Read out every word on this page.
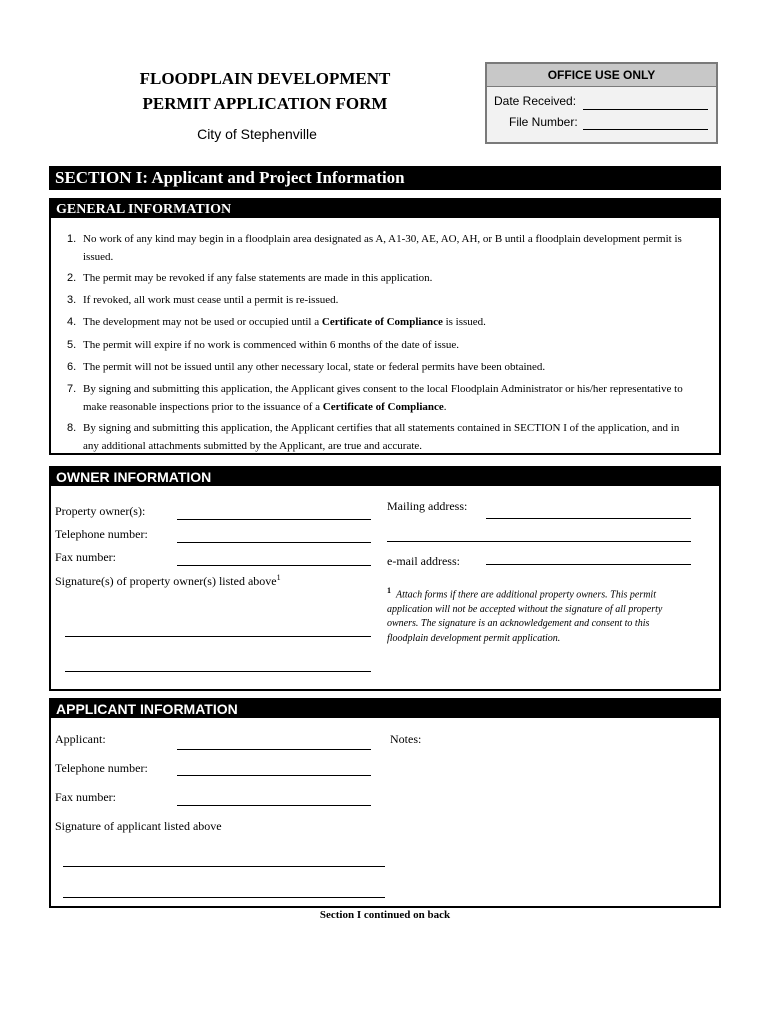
FLOODPLAIN DEVELOPMENT
PERMIT APPLICATION FORM
City of Stephenville
OFFICE USE ONLY
Date Received:
File Number:
SECTION I: Applicant and Project Information
GENERAL INFORMATION
1. No work of any kind may begin in a floodplain area designated as A, A1-30, AE, AO, AH, or B until a floodplain development permit is issued.
2. The permit may be revoked if any false statements are made in this application.
3. If revoked, all work must cease until a permit is re-issued.
4. The development may not be used or occupied until a Certificate of Compliance is issued.
5. The permit will expire if no work is commenced within 6 months of the date of issue.
6. The permit will not be issued until any other necessary local, state or federal permits have been obtained.
7. By signing and submitting this application, the Applicant gives consent to the local Floodplain Administrator or his/her representative to make reasonable inspections prior to the issuance of a Certificate of Compliance.
8. By signing and submitting this application, the Applicant certifies that all statements contained in SECTION I of the application, and in any additional attachments submitted by the Applicant, are true and accurate.
OWNER INFORMATION
Property owner(s):
Telephone number:
Fax number:
Signature(s) of property owner(s) listed above$^1$
Mailing address:
e-mail address:
$^1$ Attach forms if there are additional property owners. This permit application will not be accepted without the signature of all property owners. The signature is an acknowledgement and consent to this floodplain development permit application.
APPLICANT INFORMATION
Applicant:
Telephone number:
Fax number:
Signature of applicant listed above
Notes:
Section I continued on back
